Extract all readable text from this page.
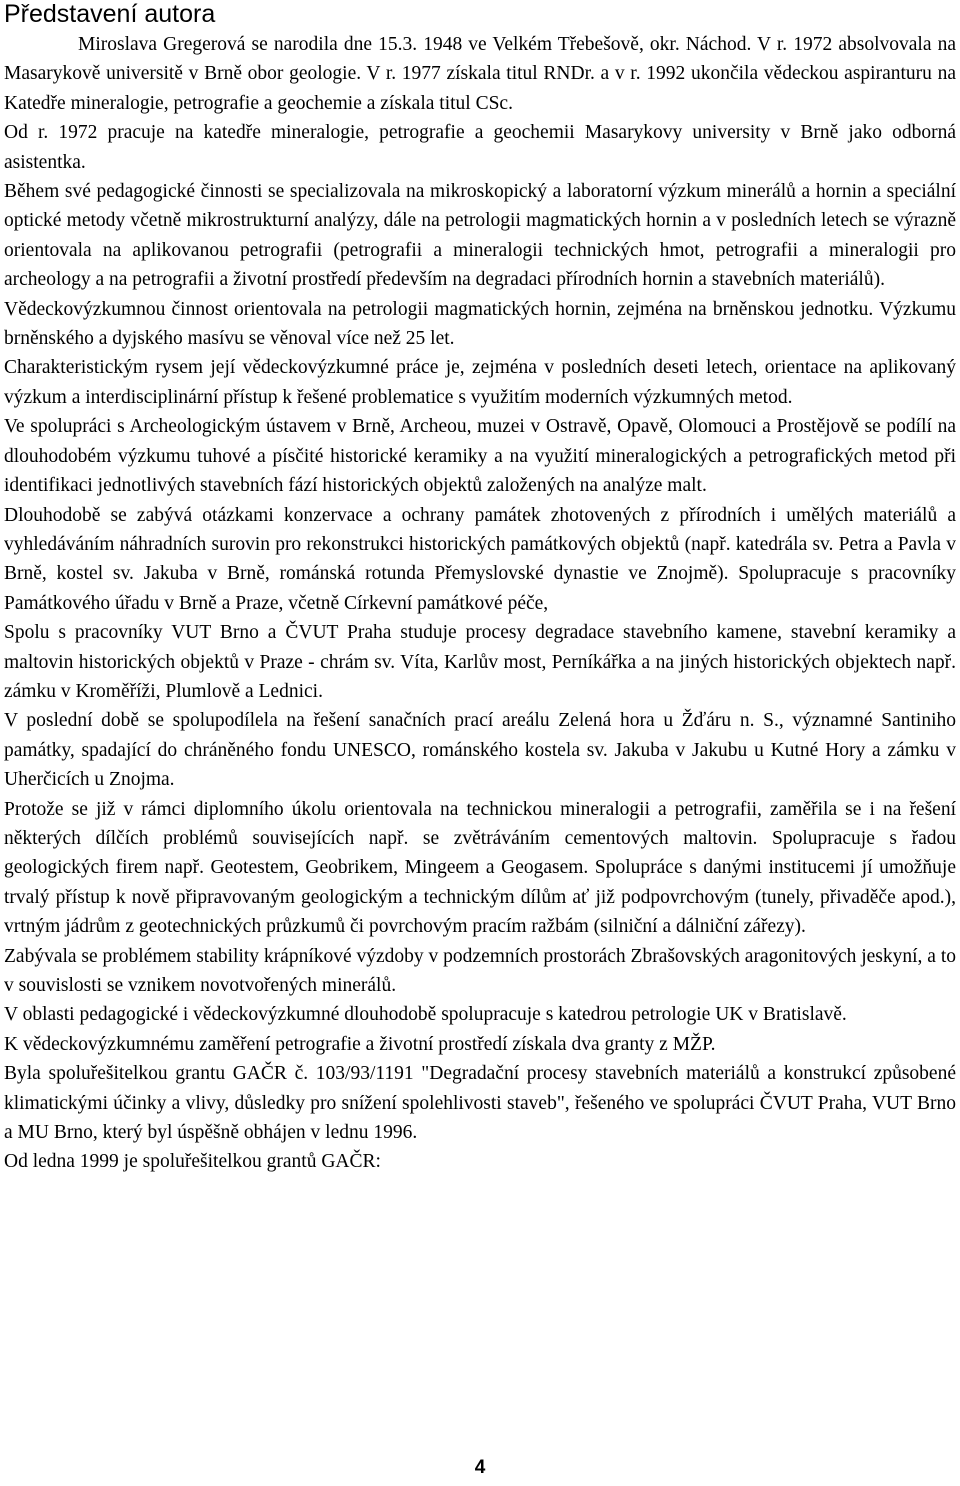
Představení autora

Miroslava Gregerová se narodila dne 15.3. 1948 ve Velkém Třebešově, okr. Náchod. V r. 1972 absolvovala na Masarykově universitě v Brně obor geologie. V r. 1977 získala titul RNDr. a v r. 1992 ukončila vědeckou aspiranturu na Katedře mineralogie, petrografie a geochemie a získala titul CSc.

Od r. 1972 pracuje na katedře mineralogie, petrografie a geochemii Masarykovy university v Brně jako odborná asistentka.

Během své pedagogické činnosti se specializovala na mikroskopický a laboratorní výzkum minerálů a hornin a speciální optické metody včetně mikrostrukturní analýzy, dále na petrologii magmatických hornin a v posledních letech se výrazně orientovala na aplikovanou petrografii (petrografii a mineralogii technických hmot, petrografii a mineralogii pro archeology a na petrografii a životní prostředí především na degradaci přírodních hornin a stavebních materiálů).

Vědeckovýzkumnou činnost orientovala na petrologii magmatických hornin, zejména na brněnskou jednotku. Výzkumu brněnského a dyjského masívu se věnoval více než 25 let.

Charakteristickým rysem její vědeckovýzkumné práce je, zejména v posledních deseti letech, orientace na aplikovaný výzkum a interdisciplinární přístup k řešené problematice s využitím moderních výzkumných metod.

Ve spolupráci s Archeologickým ústavem v Brně, Archeou, muzei v Ostravě, Opavě, Olomouci a Prostějově se podílí na dlouhodobém výzkumu tuhové a písčité historické keramiky a na využití mineralogických a petrografických metod při identifikaci jednotlivých stavebních fází historických objektů založených na analýze malt.

Dlouhodobě se zabývá otázkami konzervace a ochrany památek zhotovených z přírodních i umělých materiálů a vyhledáváním náhradních surovin pro rekonstrukci historických památkových objektů (např. katedrála sv. Petra a Pavla v Brně, kostel sv. Jakuba v Brně, románská rotunda Přemyslovské dynastie ve Znojmě). Spolupracuje s pracovníky Památkového úřadu v Brně a Praze, včetně Církevní památkové péče,

Spolu s pracovníky VUT Brno a ČVUT Praha studuje procesy degradace stavebního kamene, stavební keramiky a maltovin historických objektů v Praze - chrám sv. Víta, Karlův most, Perníkářka a na jiných historických objektech např. zámku v Kroměříži, Plumlově a Lednici.

V poslední době se spolupodílela na řešení sanačních prací areálu Zelená hora u Žďáru n. S., významné Santiniho památky, spadající do chráněného fondu UNESCO, románského kostela sv. Jakuba v Jakubu u Kutné Hory a zámku v Uherčicích u Znojma.

Protože se již v rámci diplomního úkolu orientovala na technickou mineralogii a petrografii, zaměřila se i na řešení některých dílčích problémů souvisejících např. se zvětráváním cementových maltovin. Spolupracuje s řadou geologických firem např. Geotestem, Geobrikem, Mingeem a Geogasem. Spolupráce s danými institucemi jí umožňuje trvalý přístup k nově připravovaným geologickým a technickým dílům ať již podpovrchovým (tunely, přivaděče apod.), vrtným jádrům z geotechnických průzkumů či povrchovým pracím ražbám (silniční a dálniční zářezy).

Zabývala se problémem stability krápníkové výzdoby v podzemních prostorách Zbrašovských aragonitových jeskyní, a to v souvislosti se vznikem novotvořených minerálů.

V oblasti pedagogické i vědeckovýzkumné dlouhodobě spolupracuje s katedrou petrologie UK v Bratislavě.

K vědeckovýzkumnému zaměření petrografie a životní prostředí získala dva granty z MŽP.

Byla spoluřešitelkou grantu GAČR č. 103/93/1191 "Degradační procesy stavebních materiálů a konstrukcí způsobené klimatickými účinky a vlivy, důsledky pro snížení spolehlivosti staveb", řešeného ve spolupráci ČVUT Praha, VUT Brno a MU Brno, který byl úspěšně obhájen v lednu 1996.

Od ledna 1999 je spoluřešitelkou grantů GAČR:

4
